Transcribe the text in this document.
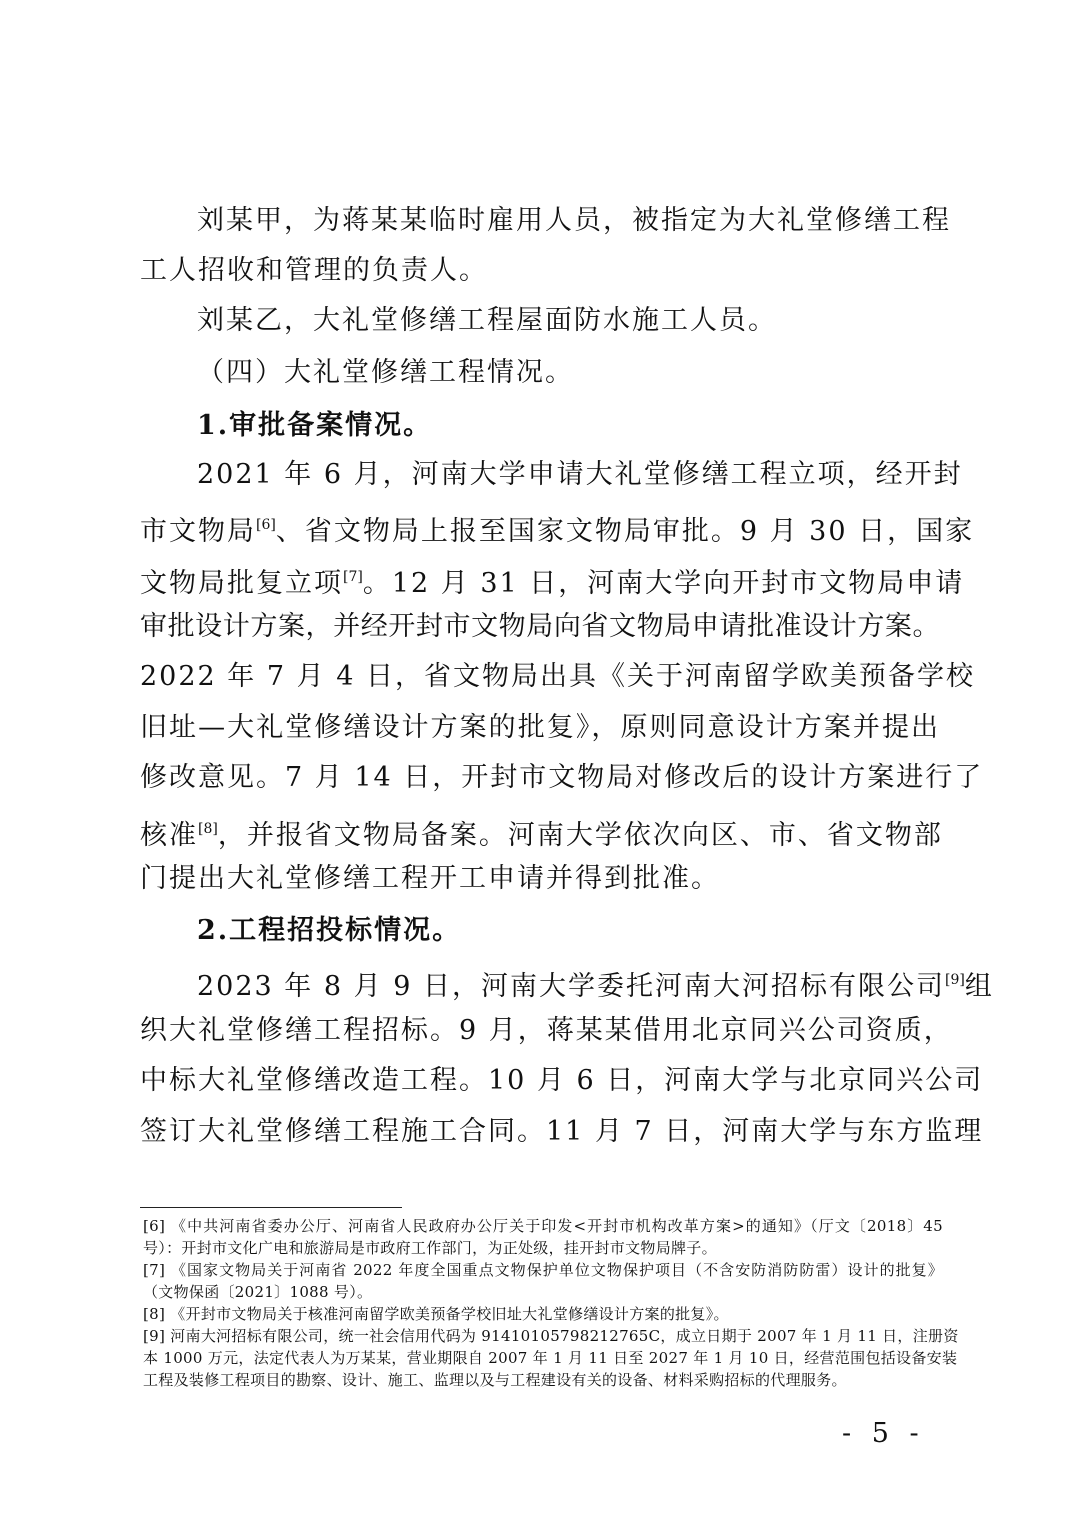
刘某甲，为蒋某某临时雇用人员，被指定为大礼堂修缮工程
工人招收和管理的负责人。
刘某乙，大礼堂修缮工程屋面防水施工人员。
（四）大礼堂修缮工程情况。
1.审批备案情况。
2021 年 6 月，河南大学申请大礼堂修缮工程立项，经开封
市文物局[6]、省文物局上报至国家文物局审批。9 月 30 日，国家
文物局批复立项[7]。12 月 31 日，河南大学向开封市文物局申请
审批设计方案，并经开封市文物局向省文物局申请批准设计方案。
2022 年 7 月 4 日，省文物局出具《关于河南留学欧美预备学校
旧址—大礼堂修缮设计方案的批复》，原则同意设计方案并提出
修改意见。7 月 14 日，开封市文物局对修改后的设计方案进行了
核准[8]，并报省文物局备案。河南大学依次向区、市、省文物部
门提出大礼堂修缮工程开工申请并得到批准。
2.工程招投标情况。
2023 年 8 月 9 日，河南大学委托河南大河招标有限公司[9]组
织大礼堂修缮工程招标。9 月，蒋某某借用北京同兴公司资质，
中标大礼堂修缮改造工程。10 月 6 日，河南大学与北京同兴公司
签订大礼堂修缮工程施工合同。11 月 7 日，河南大学与东方监理
[6] 《中共河南省委办公厅、河南省人民政府办公厅关于印发<开封市机构改革方案>的通知》（厅文〔2018〕45
号）：开封市文化广电和旅游局是市政府工作部门，为正处级，挂开封市文物局牌子。
[7] 《国家文物局关于河南省 2022 年度全国重点文物保护单位文物保护项目（不含安防消防防雷）设计的批复》
（文物保函〔2021〕1088 号）。
[8] 《开封市文物局关于核准河南留学欧美预备学校旧址大礼堂修缮设计方案的批复》。
[9] 河南大河招标有限公司，统一社会信用代码为 91410105798212765C，成立日期于 2007 年 1 月 11 日，注册资
本 1000 万元，法定代表人为万某某，营业期限自 2007 年 1 月 11 日至 2027 年 1 月 10 日，经营范围包括设备安装
工程及装修工程项目的勘察、设计、施工、监理以及与工程建设有关的设备、材料采购招标的代理服务。
- 5 -
